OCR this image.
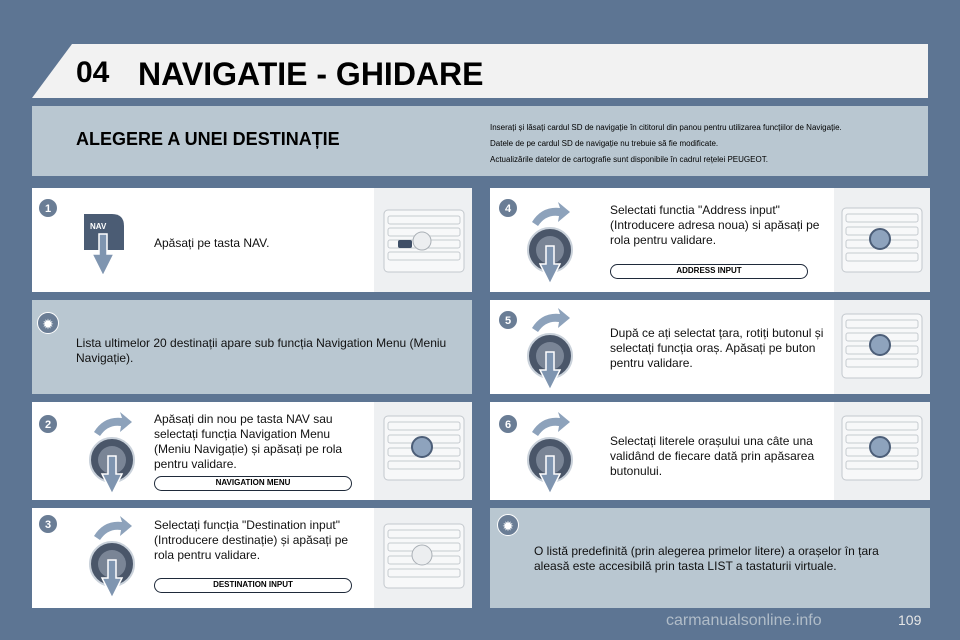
04 NAVIGATIE - GHIDARE
ALEGERE A UNEI DESTINAȚIE
Inserați și lăsați cardul SD de navigație în cititorul din panou pentru utilizarea funcțiilor de Navigație.
Datele de pe cardul SD de navigație nu trebuie să fie modificate.
Actualizările datelor de cartografie sunt disponibile în cadrul rețelei PEUGEOT.
1
NAV
Apăsați pe tasta NAV.
✹
Lista ultimelor 20 destinații apare sub funcția Navigation Menu (Meniu Navigație).
2	Apăsați din nou pe tasta NAV sau selectați funcția Navigation Menu (Meniu Navigație) și apăsați pe rola pentru validare.
NAVIGATION MENU
3	Selectați funcția "Destination input" (Introducere destinație) și apăsați pe rola pentru validare.
DESTINATION INPUT
4	Selectati functia "Address input" (Introducere adresa noua) si apăsați pe rola pentru validare.
ADDRESS INPUT
5
După ce ați selectat țara, rotiți butonul și selectați funcția oraș. Apăsați pe buton pentru validare.
6
Selectați literele orașului una câte una validând de fiecare dată prin apăsarea butonului.
✹
O listă predefinită (prin alegerea primelor litere) a orașelor în țara aleasă este accesibilă prin tasta LIST a tastaturii virtuale.
carmanualsonline.info	109
